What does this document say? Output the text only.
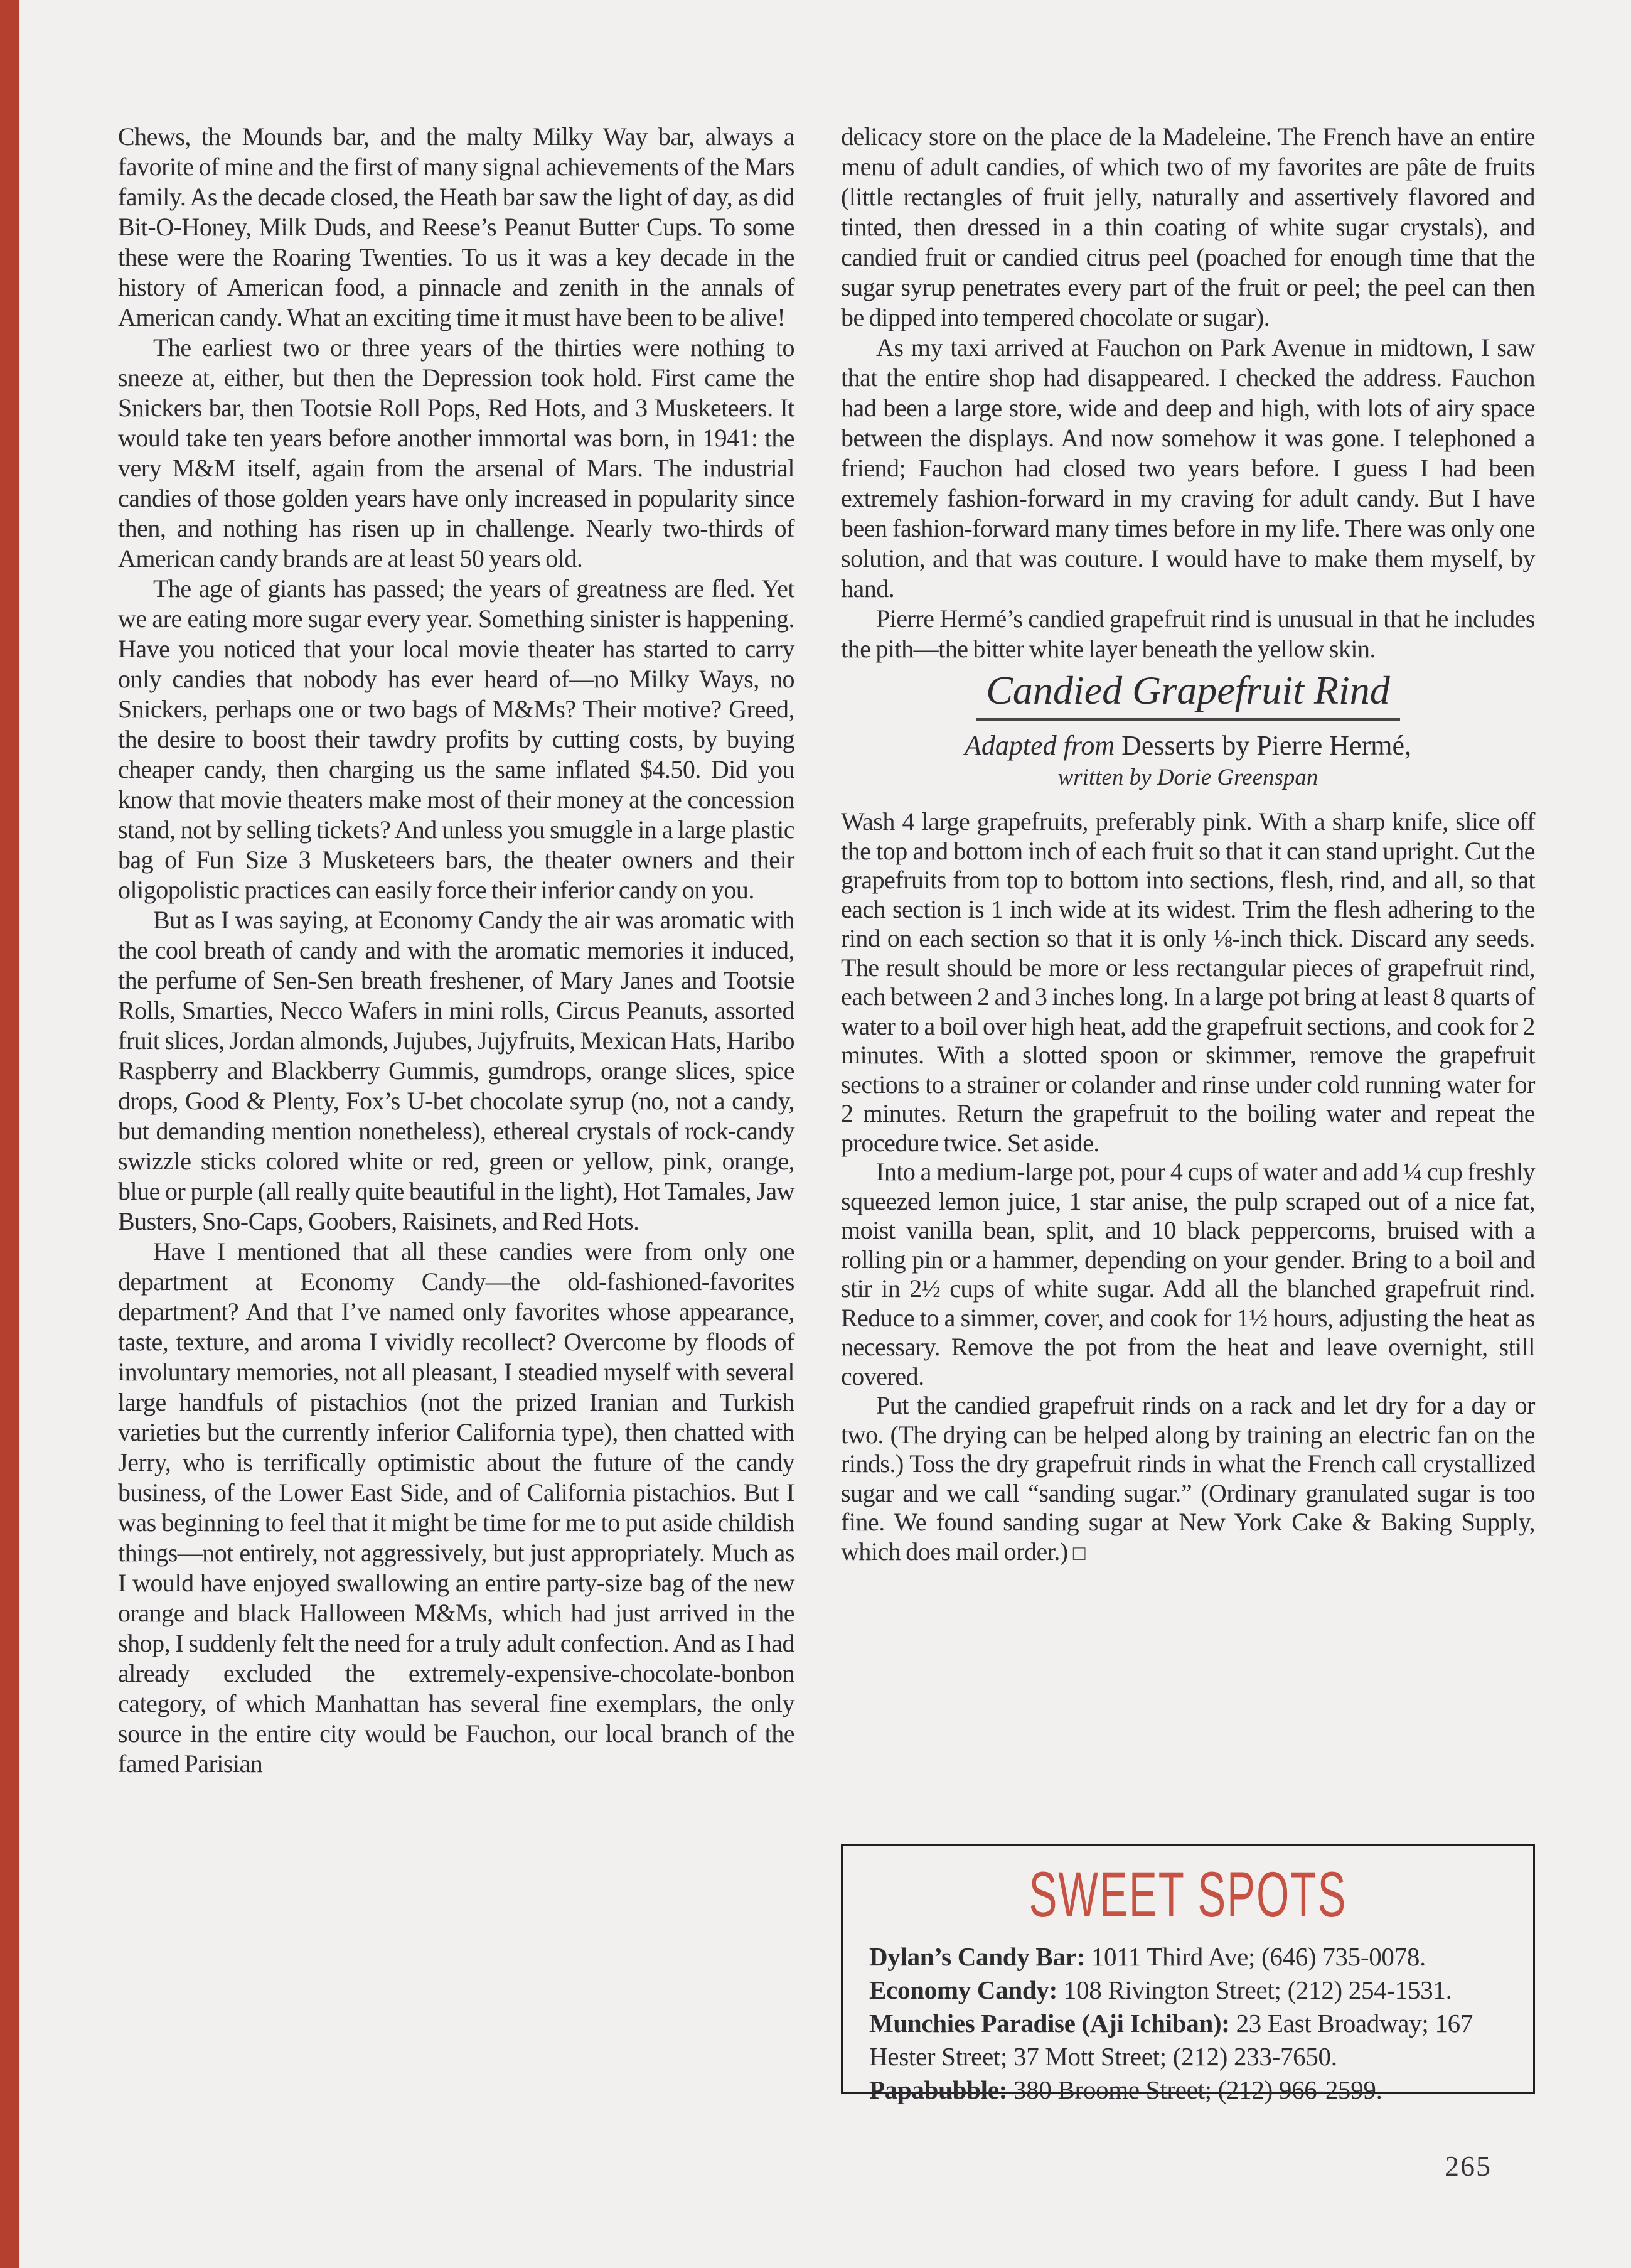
Chews, the Mounds bar, and the malty Milky Way bar, always a favorite of mine and the first of many signal achievements of the Mars family. As the decade closed, the Heath bar saw the light of day, as did Bit-O-Honey, Milk Duds, and Reese’s Peanut Butter Cups. To some these were the Roaring Twenties. To us it was a key decade in the history of American food, a pinnacle and zenith in the annals of American candy. What an exciting time it must have been to be alive!

The earliest two or three years of the thirties were nothing to sneeze at, either, but then the Depression took hold. First came the Snickers bar, then Tootsie Roll Pops, Red Hots, and 3 Musketeers. It would take ten years before another immortal was born, in 1941: the very M&M itself, again from the arsenal of Mars. The industrial candies of those golden years have only increased in popularity since then, and nothing has risen up in challenge. Nearly two-thirds of American candy brands are at least 50 years old.

The age of giants has passed; the years of greatness are fled. Yet we are eating more sugar every year. Something sinister is happening. Have you noticed that your local movie theater has started to carry only candies that nobody has ever heard of—no Milky Ways, no Snickers, perhaps one or two bags of M&Ms? Their motive? Greed, the desire to boost their tawdry profits by cutting costs, by buying cheaper candy, then charging us the same inflated $4.50. Did you know that movie theaters make most of their money at the concession stand, not by selling tickets? And unless you smuggle in a large plastic bag of Fun Size 3 Musketeers bars, the theater owners and their oligopolistic practices can easily force their inferior candy on you.

But as I was saying, at Economy Candy the air was aromatic with the cool breath of candy and with the aromatic memories it induced, the perfume of Sen-Sen breath freshener, of Mary Janes and Tootsie Rolls, Smarties, Necco Wafers in mini rolls, Circus Peanuts, assorted fruit slices, Jordan almonds, Jujubes, Jujyfruits, Mexican Hats, Haribo Raspberry and Blackberry Gummis, gumdrops, orange slices, spice drops, Good & Plenty, Fox’s U-bet chocolate syrup (no, not a candy, but demanding mention nonetheless), ethereal crystals of rock-candy swizzle sticks colored white or red, green or yellow, pink, orange, blue or purple (all really quite beautiful in the light), Hot Tamales, Jaw Busters, Sno-Caps, Goobers, Raisinets, and Red Hots.

Have I mentioned that all these candies were from only one department at Economy Candy—the old-fashioned-favorites department? And that I’ve named only favorites whose appearance, taste, texture, and aroma I vividly recollect? Overcome by floods of involuntary memories, not all pleasant, I steadied myself with several large handfuls of pistachios (not the prized Iranian and Turkish varieties but the currently inferior California type), then chatted with Jerry, who is terrifically optimistic about the future of the candy business, of the Lower East Side, and of California pistachios. But I was beginning to feel that it might be time for me to put aside childish things—not entirely, not aggressively, but just appropriately. Much as I would have enjoyed swallowing an entire party-size bag of the new orange and black Halloween M&Ms, which had just arrived in the shop, I suddenly felt the need for a truly adult confection. And as I had already excluded the extremely-expensive-chocolate-bonbon category, of which Manhattan has several fine exemplars, the only source in the entire city would be Fauchon, our local branch of the famed Parisian

delicacy store on the place de la Madeleine. The French have an entire menu of adult candies, of which two of my favorites are pâte de fruits (little rectangles of fruit jelly, naturally and assertively flavored and tinted, then dressed in a thin coating of white sugar crystals), and candied fruit or candied citrus peel (poached for enough time that the sugar syrup penetrates every part of the fruit or peel; the peel can then be dipped into tempered chocolate or sugar).

As my taxi arrived at Fauchon on Park Avenue in midtown, I saw that the entire shop had disappeared. I checked the address. Fauchon had been a large store, wide and deep and high, with lots of airy space between the displays. And now somehow it was gone. I telephoned a friend; Fauchon had closed two years before. I guess I had been extremely fashion-forward in my craving for adult candy. But I have been fashion-forward many times before in my life. There was only one solution, and that was couture. I would have to make them myself, by hand.

Pierre Hermé’s candied grapefruit rind is unusual in that he includes the pith—the bitter white layer beneath the yellow skin.

Candied Grapefruit Rind
Adapted from Desserts by Pierre Hermé,
written by Dorie Greenspan

Wash 4 large grapefruits, preferably pink. With a sharp knife, slice off the top and bottom inch of each fruit so that it can stand upright. Cut the grapefruits from top to bottom into sections, flesh, rind, and all, so that each section is 1 inch wide at its widest. Trim the flesh adhering to the rind on each section so that it is only ⅛-inch thick. Discard any seeds. The result should be more or less rectangular pieces of grapefruit rind, each between 2 and 3 inches long. In a large pot bring at least 8 quarts of water to a boil over high heat, add the grapefruit sections, and cook for 2 minutes. With a slotted spoon or skimmer, remove the grapefruit sections to a strainer or colander and rinse under cold running water for 2 minutes. Return the grapefruit to the boiling water and repeat the procedure twice. Set aside.

Into a medium-large pot, pour 4 cups of water and add ¼ cup freshly squeezed lemon juice, 1 star anise, the pulp scraped out of a nice fat, moist vanilla bean, split, and 10 black peppercorns, bruised with a rolling pin or a hammer, depending on your gender. Bring to a boil and stir in 2½ cups of white sugar. Add all the blanched grapefruit rind. Reduce to a simmer, cover, and cook for 1½ hours, adjusting the heat as necessary. Remove the pot from the heat and leave overnight, still covered.

Put the candied grapefruit rinds on a rack and let dry for a day or two. (The drying can be helped along by training an electric fan on the rinds.) Toss the dry grapefruit rinds in what the French call crystallized sugar and we call “sanding sugar.” (Ordinary granulated sugar is too fine. We found sanding sugar at New York Cake & Baking Supply, which does mail order.) □

SWEET SPOTS
Dylan’s Candy Bar: 1011 Third Ave; (646) 735-0078.
Economy Candy: 108 Rivington Street; (212) 254-1531.
Munchies Paradise (Aji Ichiban): 23 East Broadway; 167 Hester Street; 37 Mott Street; (212) 233-7650.
Papabubble: 380 Broome Street; (212) 966-2599.
265
